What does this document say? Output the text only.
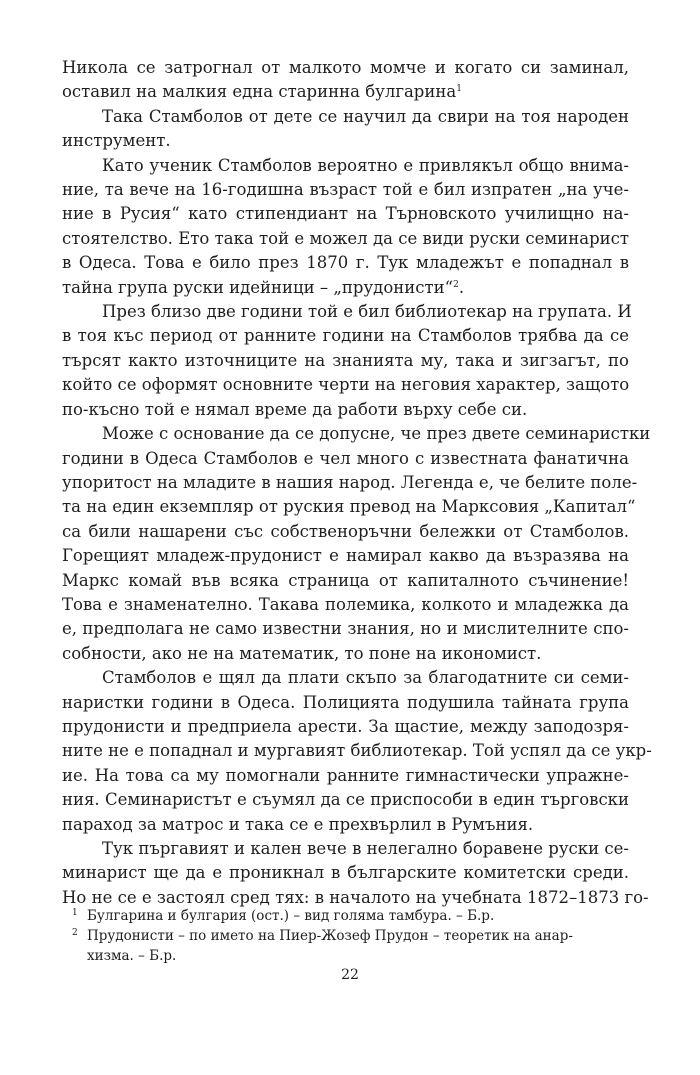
Никола се затрогнал от малкото момче и когато си заминал,
оставил на малкия една старинна булгарина$^1$
Така Стамболов от дете се научил да свири на тоя народен
инструмент.
Като ученик Стамболов вероятно е привлякъл общо внима-
ние, та вече на 16-годишна възраст той е бил изпратен „на уче-
ние в Русия“ като стипендиант на Търновското училищно на-
стоятелство. Ето така той е можел да се види руски семинарист
в Одеса. Това е било през 1870 г. Тук младежът е попаднал в
тайна група руски идейници – „прудонисти“$^2$.
През близо две години той е бил библиотекар на групата. И
в тоя къс период от ранните години на Стамболов трябва да се
търсят както източниците на знанията му, така и зигзагът, по
който се оформят основните черти на неговия характер, защото
по-късно той е нямал време да работи върху себе си.
Може с основание да се допусне, че през двете семинаристки
години в Одеса Стамболов е чел много с известната фанатична
упоритост на младите в нашия народ. Легенда е, че белите поле-
та на един екземпляр от руския превод на Марксовия „Капитал“
са били нашарени със собственоръчни бележки от Стамболов.
Горещият младеж-прудонист е намирал какво да възразява на
Маркс комай във всяка страница от капиталното съчинение!
Това е знаменателно. Такава полемика, колкото и младежка да
е, предполага не само известни знания, но и мислителните спо-
собности, ако не на математик, то поне на икономист.
Стамболов е щял да плати скъпо за благодатните си семи-
наристки години в Одеса. Полицията подушила тайната група
прудонисти и предприела арести. За щастие, между заподозря-
ните не е попаднал и мургавият библиотекар. Той успял да се укр-
ие. На това са му помогнали ранните гимнастически упражне-
ния. Семинаристът е съумял да се приспособи в един търговски
параход за матрос и така се е прехвърлил в Румъния.
Тук пъргавият и кален вече в нелегално боравене руски се-
минарист ще да е проникнал в българските комитетски среди.
Но не се е застоял сред тях: в началото на учебната 1872–1873 го-
1 Булгарина и булгария (ост.) – вид голяма тамбура. – Б.р.
2 Прудонисти – по името на Пиер-Жозеф Прудон – теоретик на анар-
хизма. – Б.р.
22
